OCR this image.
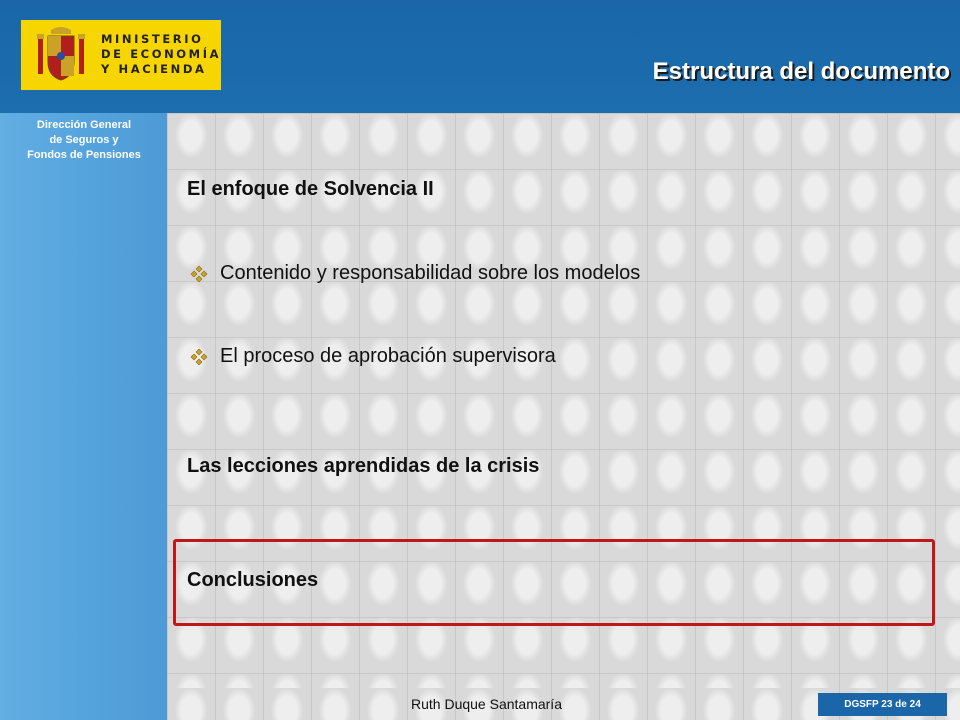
MINISTERIO
DE ECONOMÍA
Y HACIENDA
Dirección General
de Seguros y
Fondos de Pensiones
Estructura del documento
El enfoque de Solvencia II
Contenido y responsabilidad sobre los modelos
El proceso de aprobación supervisora
Las lecciones aprendidas de la crisis
Conclusiones
Ruth Duque Santamaría	DGSFP 23 de 24
